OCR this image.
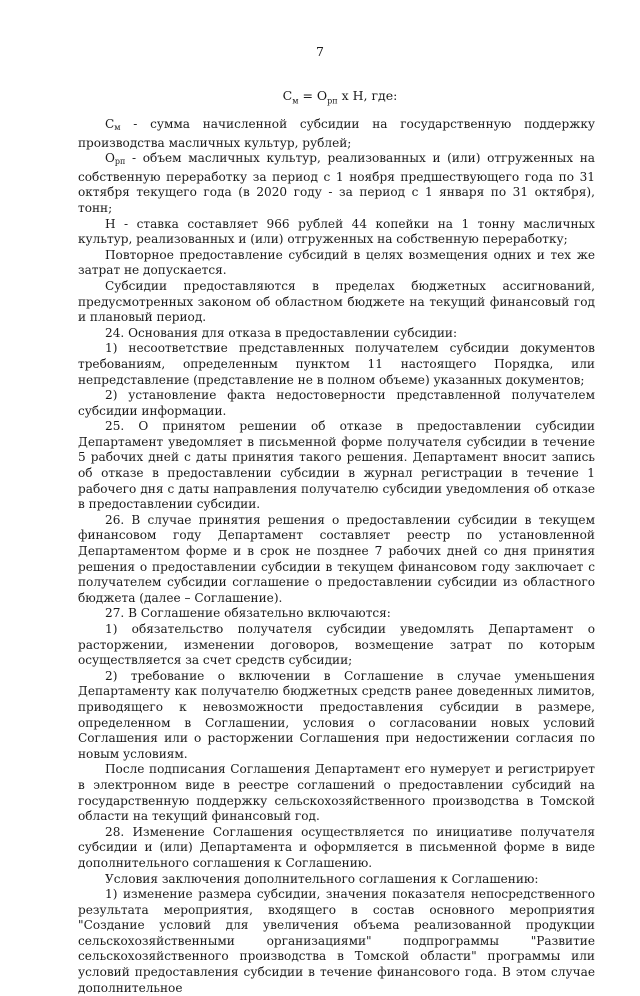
7
$С_м = О_{рп}$ х Н, где:

$С_м$ - сумма начисленной субсидии на государственную поддержку производства масличных культур, рублей;

$О_{рп}$ - объем масличных культур, реализованных и (или) отгруженных на собственную переработку за период с 1 ноября предшествующего года по 31 октября текущего года (в 2020 году - за период с 1 января по 31 октября), тонн;

Н - ставка составляет 966 рублей 44 копейки на 1 тонну масличных культур, реализованных и (или) отгруженных на собственную переработку;

Повторное предоставление субсидий в целях возмещения одних и тех же затрат не допускается.

Субсидии предоставляются в пределах бюджетных ассигнований, предусмотренных законом об областном бюджете на текущий финансовый год и плановый период.

24. Основания для отказа в предоставлении субсидии:

1) несоответствие представленных получателем субсидии документов требованиям, определенным пунктом 11 настоящего Порядка, или непредставление (представление не в полном объеме) указанных документов;

2) установление факта недостоверности представленной получателем субсидии информации.

25. О принятом решении об отказе в предоставлении субсидии Департамент уведомляет в письменной форме получателя субсидии в течение 5 рабочих дней с даты принятия такого решения. Департамент вносит запись об отказе в предоставлении субсидии в журнал регистрации в течение 1 рабочего дня с даты направления получателю субсидии уведомления об отказе в предоставлении субсидии.

26. В случае принятия решения о предоставлении субсидии в текущем финансовом году Департамент составляет реестр по установленной Департаментом форме и в срок не позднее 7 рабочих дней со дня принятия решения о предоставлении субсидии в текущем финансовом году заключает с получателем субсидии соглашение о предоставлении субсидии из областного бюджета (далее – Соглашение).

27. В Соглашение обязательно включаются:

1) обязательство получателя субсидии уведомлять Департамент о расторжении, изменении договоров, возмещение затрат по которым осуществляется за счет средств субсидии;

2) требование о включении в Соглашение в случае уменьшения Департаменту как получателю бюджетных средств ранее доведенных лимитов, приводящего к невозможности предоставления субсидии в размере, определенном в Соглашении, условия о согласовании новых условий Соглашения или о расторжении Соглашения при недостижении согласия по новым условиям.

После подписания Соглашения Департамент его нумерует и регистрирует в электронном виде в реестре соглашений о предоставлении субсидий на государственную поддержку сельскохозяйственного производства в Томской области на текущий финансовый год.

28. Изменение Соглашения осуществляется по инициативе получателя субсидии и (или) Департамента и оформляется в письменной форме в виде дополнительного соглашения к Соглашению.

Условия заключения дополнительного соглашения к Соглашению:

1) изменение размера субсидии, значения показателя непосредственного результата мероприятия, входящего в состав основного мероприятия "Создание условий для увеличения объема реализованной продукции сельскохозяйственными организациями" подпрограммы "Развитие сельскохозяйственного производства в Томской области" программы или условий предоставления субсидии в течение финансового года. В этом случае дополнительное
